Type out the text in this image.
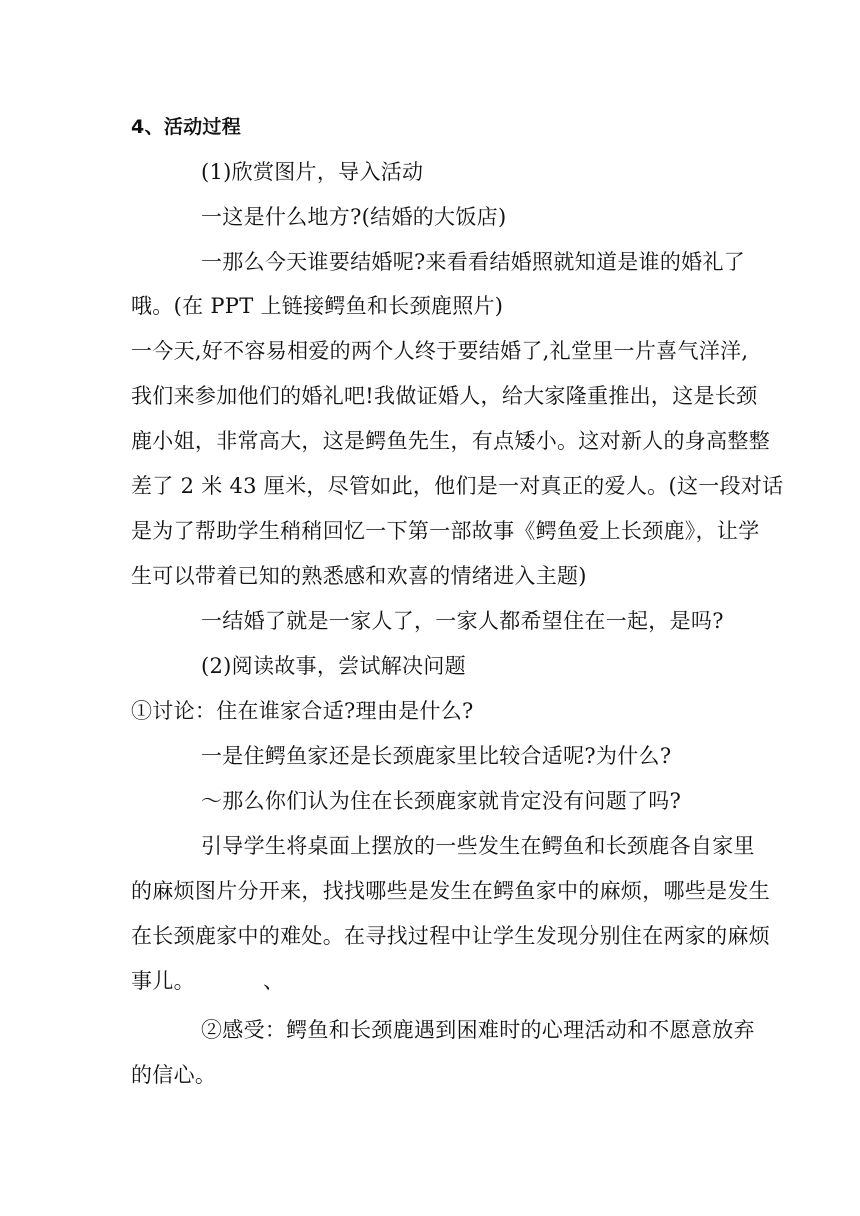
4、活动过程
(1)欣赏图片，导入活动
一这是什么地方?(结婚的大饭店)
一那么今天谁要结婚呢?来看看结婚照就知道是谁的婚礼了
哦。(在 PPT 上链接鳄鱼和长颈鹿照片)
一今天,好不容易相爱的两个人终于要结婚了,礼堂里一片喜气洋洋,
我们来参加他们的婚礼吧!我做证婚人，给大家隆重推出，这是长颈
鹿小姐，非常高大，这是鳄鱼先生，有点矮小。这对新人的身高整整
差了 2 米 43 厘米，尽管如此，他们是一对真正的爱人。(这一段对话
是为了帮助学生稍稍回忆一下第一部故事《鳄鱼爱上长颈鹿》，让学
生可以带着已知的熟悉感和欢喜的情绪进入主题)
一结婚了就是一家人了，一家人都希望住在一起，是吗?
(2)阅读故事，尝试解决问题
①讨论：住在谁家合适?理由是什么?
一是住鳄鱼家还是长颈鹿家里比较合适呢?为什么?
～那么你们认为住在长颈鹿家就肯定没有问题了吗?
引导学生将桌面上摆放的一些发生在鳄鱼和长颈鹿各自家里
的麻烦图片分开来，找找哪些是发生在鳄鱼家中的麻烦，哪些是发生
在长颈鹿家中的难处。在寻找过程中让学生发现分别住在两家的麻烦
事儿。	、
②感受：鳄鱼和长颈鹿遇到困难时的心理活动和不愿意放弃
的信心。
